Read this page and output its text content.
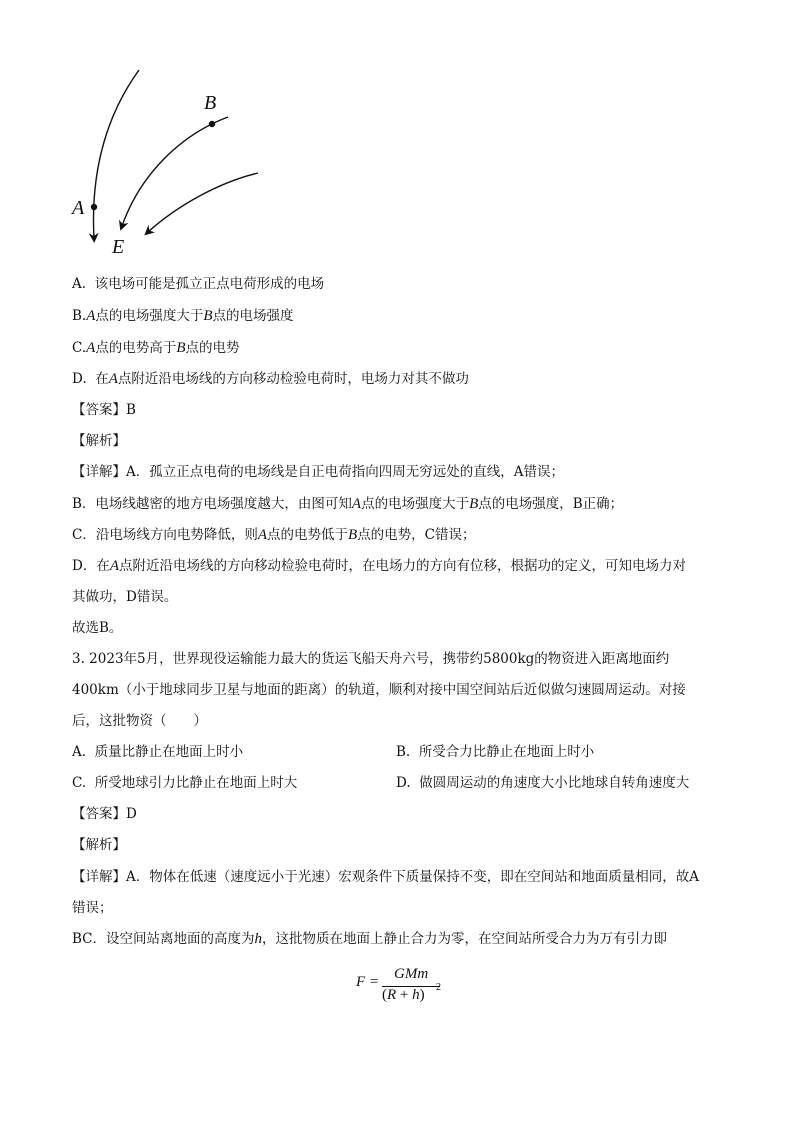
A
B
E
A. 该电场可能是孤立正点电荷形成的电场
B.A点的电场强度大于B点的电场强度
C.A点的电势高于B点的电势
D. 在A点附近沿电场线的方向移动检验电荷时，电场力对其不做功
【答案】B
【解析】
【详解】A．孤立正点电荷的电场线是自正电荷指向四周无穷远处的直线，A错误；
B．电场线越密的地方电场强度越大，由图可知A点的电场强度大于B点的电场强度，B正确；
C．沿电场线方向电势降低，则A点的电势低于B点的电势，C错误；
D．在A点附近沿电场线的方向移动检验电荷时，在电场力的方向有位移，根据功的定义，可知电场力对
其做功，D错误。
故选B。
3. 2023年5月，世界现役运输能力最大的货运飞船天舟六号，携带约5800kg的物资进入距离地面约
400km（小于地球同步卫星与地面的距离）的轨道，顺利对接中国空间站后近似做匀速圆周运动。对接
后，这批物资（　　）
A. 质量比静止在地面上时小	B. 所受合力比静止在地面上时小
C. 所受地球引力比静止在地面上时大	D. 做圆周运动的角速度大小比地球自转角速度大
【答案】D
【解析】
【详解】A．物体在低速（速度远小于光速）宏观条件下质量保持不变，即在空间站和地面质量相同，故A
错误；
BC．设空间站离地面的高度为h，这批物质在地面上静止合力为零，在空间站所受合力为万有引力即
F = GMm
(R + h) 2
